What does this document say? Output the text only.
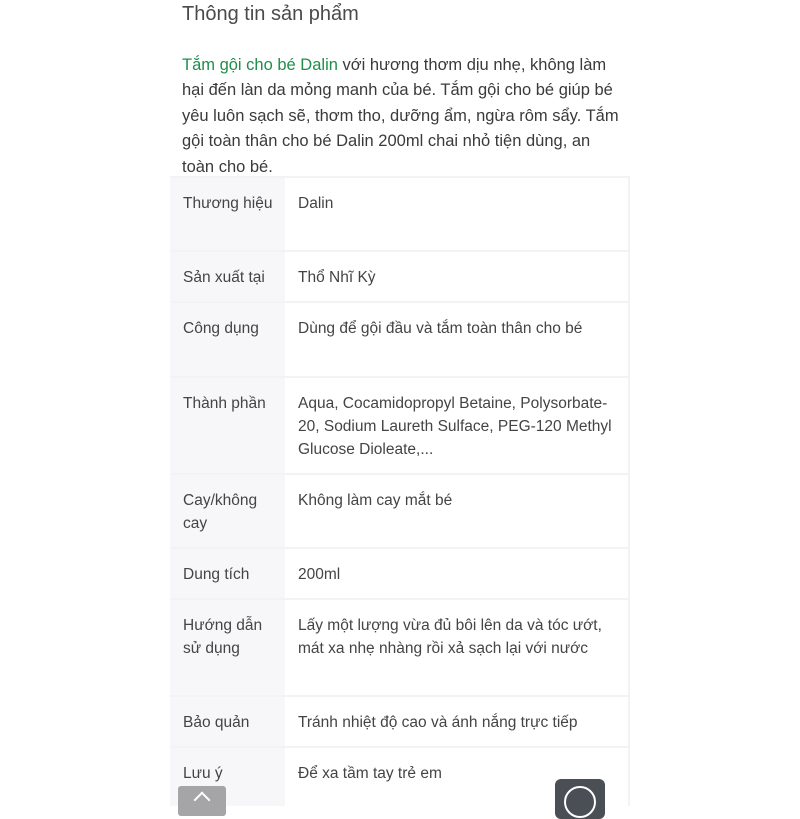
Thông tin sản phẩm

Tắm gội cho bé Dalin với hương thơm dịu nhẹ, không làm hại đến làn da mỏng manh của bé. Tắm gội cho bé giúp bé yêu luôn sạch sẽ, thơm tho, dưỡng ẩm, ngừa rôm sẩy. Tắm gội toàn thân cho bé Dalin 200ml chai nhỏ tiện dùng, an toàn cho bé.

Thương hiệu	Dalin
Sản xuất tại	Thổ Nhĩ Kỳ
Công dụng	Dùng để gội đầu và tắm toàn thân cho bé
Thành phần	Aqua, Cocamidopropyl Betaine, Polysorbate-20, Sodium Laureth Sulface, PEG-120 Methyl Glucose Dioleate,...
Cay/không cay	Không làm cay mắt bé
Dung tích	200ml
Hướng dẫn sử dụng	Lấy một lượng vừa đủ bôi lên da và tóc ướt, mát xa nhẹ nhàng rồi xả sạch lại với nước
Bảo quản	Tránh nhiệt độ cao và ánh nắng trực tiếp
Lưu ý	Để xa tầm tay trẻ em
